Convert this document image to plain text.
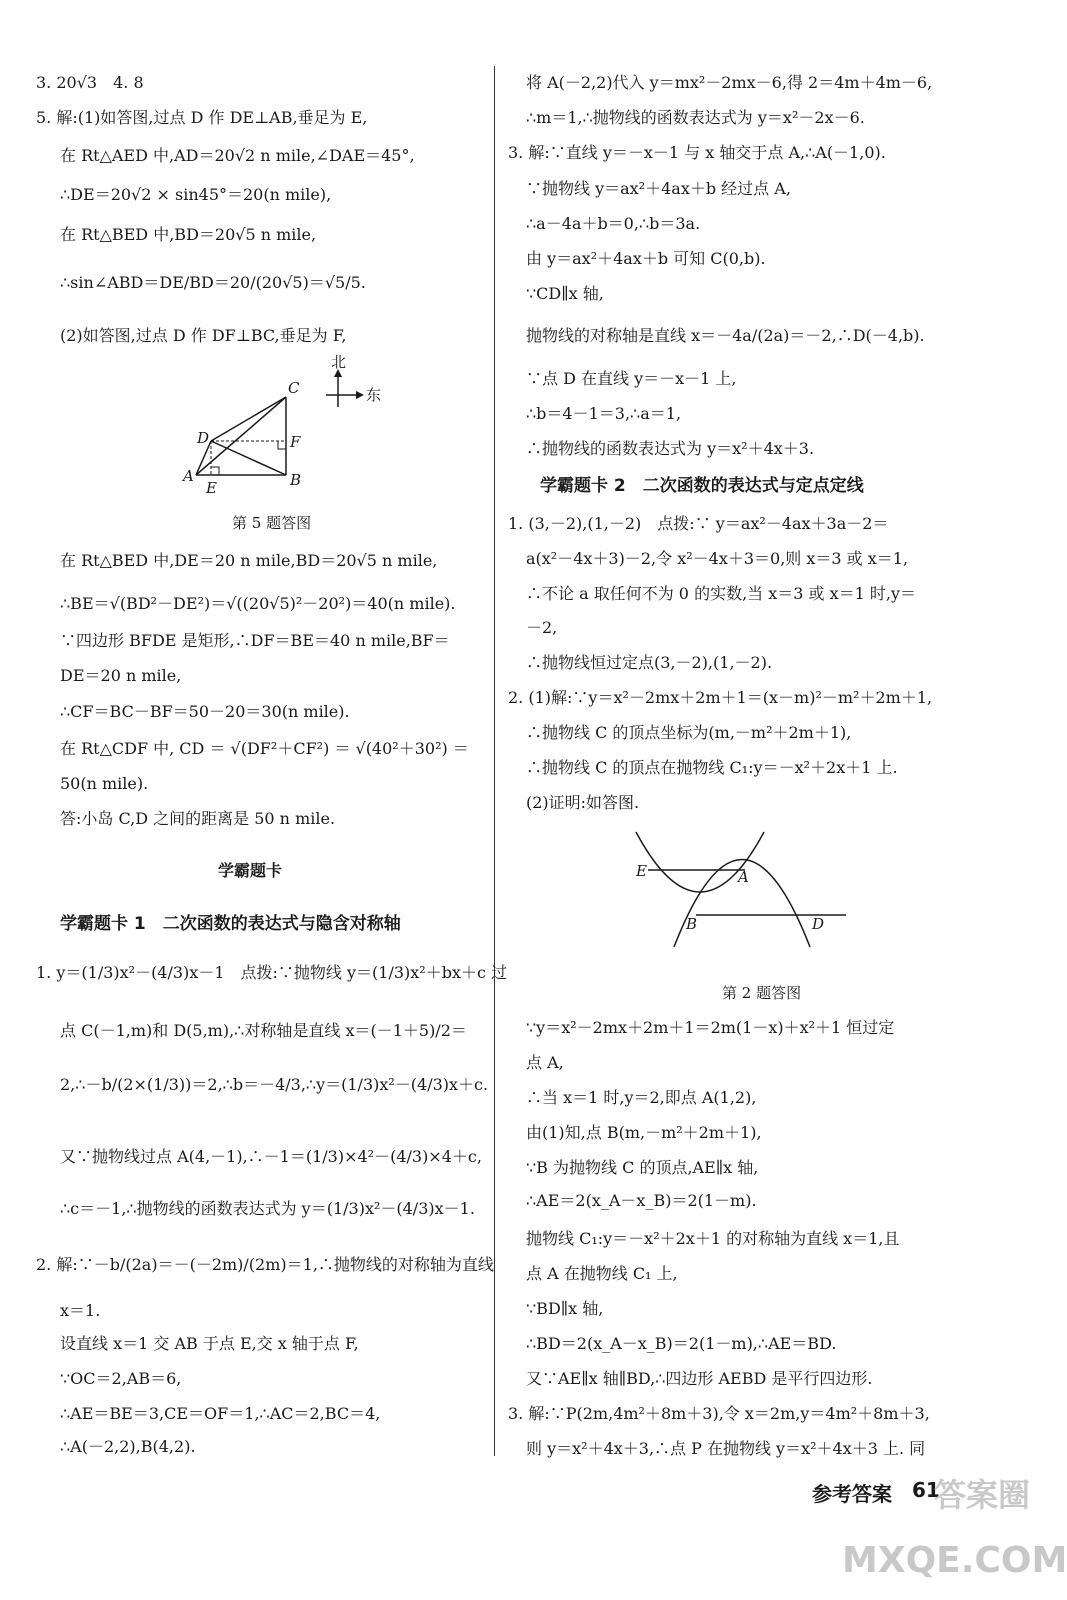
3. 20√3　4. 8
5. 解:(1)如答图,过点 D 作 DE⊥AB,垂足为 E,
在 Rt△AED 中,AD＝20√2 n mile,∠DAE＝45°,
∴DE＝20√2 × sin45°＝20(n mile),
在 Rt△BED 中,BD＝20√5 n mile,
∴sin∠ABD＝DE/BD＝20/(20√5)＝√5/5.
(2)如答图,过点 D 作 DF⊥BC,垂足为 F,
北
东
A	B
C
D
E
F
第 5 题答图
在 Rt△BED 中,DE＝20 n mile,BD＝20√5 n mile,
∴BE＝√(BD²－DE²)＝√((20√5)²－20²)＝40(n mile).
∵四边形 BFDE 是矩形,∴DF＝BE＝40 n mile,BF＝
DE＝20 n mile,
∴CF＝BC－BF＝50－20＝30(n mile).
在 Rt△CDF 中, CD ＝ √(DF²＋CF²) ＝ √(40²＋30²) ＝
50(n mile).
答:小岛 C,D 之间的距离是 50 n mile.
学霸题卡
学霸题卡 1　二次函数的表达式与隐含对称轴
1. y＝(1/3)x²－(4/3)x－1　点拨:∵抛物线 y＝(1/3)x²＋bx＋c 过
点 C(－1,m)和 D(5,m),∴对称轴是直线 x＝(－1＋5)/2＝
2,∴－b/(2×(1/3))＝2,∴b＝－4/3,∴y＝(1/3)x²－(4/3)x＋c.
又∵抛物线过点 A(4,－1),∴－1＝(1/3)×4²－(4/3)×4＋c,
∴c＝－1,∴抛物线的函数表达式为 y＝(1/3)x²－(4/3)x－1.
2. 解:∵－b/(2a)＝－(－2m)/(2m)＝1,∴抛物线的对称轴为直线
x＝1.
设直线 x＝1 交 AB 于点 E,交 x 轴于点 F,
∵OC＝2,AB＝6,
∴AE＝BE＝3,CE＝OF＝1,∴AC＝2,BC＝4,
∴A(－2,2),B(4,2).
将 A(－2,2)代入 y＝mx²－2mx－6,得 2＝4m＋4m－6,
∴m＝1,∴抛物线的函数表达式为 y＝x²－2x－6.
3. 解:∵直线 y＝－x－1 与 x 轴交于点 A,∴A(－1,0).
∵抛物线 y＝ax²＋4ax＋b 经过点 A,
∴a－4a＋b＝0,∴b＝3a.
由 y＝ax²＋4ax＋b 可知 C(0,b).
∵CD∥x 轴,
抛物线的对称轴是直线 x＝－4a/(2a)＝－2,∴D(－4,b).
∵点 D 在直线 y＝－x－1 上,
∴b＝4－1＝3,∴a＝1,
∴抛物线的函数表达式为 y＝x²＋4x＋3.
学霸题卡 2　二次函数的表达式与定点定线
1. (3,－2),(1,－2)　点拨:∵ y＝ax²－4ax＋3a－2＝
a(x²－4x＋3)－2,令 x²－4x＋3＝0,则 x＝3 或 x＝1,
∴不论 a 取任何不为 0 的实数,当 x＝3 或 x＝1 时,y＝
－2,
∴抛物线恒过定点(3,－2),(1,－2).
2. (1)解:∵y＝x²－2mx＋2m＋1＝(x－m)²－m²＋2m＋1,
∴抛物线 C 的顶点坐标为(m,－m²＋2m＋1),
∴抛物线 C 的顶点在抛物线 C₁:y＝－x²＋2x＋1 上.
(2)证明:如答图.
E	A
B	D
第 2 题答图
∵y＝x²－2mx＋2m＋1＝2m(1－x)＋x²＋1 恒过定
点 A,
∴当 x＝1 时,y＝2,即点 A(1,2),
由(1)知,点 B(m,－m²＋2m＋1),
∵B 为抛物线 C 的顶点,AE∥x 轴,
∴AE＝2(x_A－x_B)＝2(1－m).
抛物线 C₁:y＝－x²＋2x＋1 的对称轴为直线 x＝1,且
点 A 在抛物线 C₁ 上,
∵BD∥x 轴,
∴BD＝2(x_A－x_B)＝2(1－m),∴AE＝BD.
又∵AE∥x 轴∥BD,∴四边形 AEBD 是平行四边形.
3. 解:∵P(2m,4m²＋8m＋3),令 x＝2m,y＝4m²＋8m＋3,
则 y＝x²＋4x＋3,∴点 P 在抛物线 y＝x²＋4x＋3 上. 同
参考答案 61
答案圈
MXQE.COM
